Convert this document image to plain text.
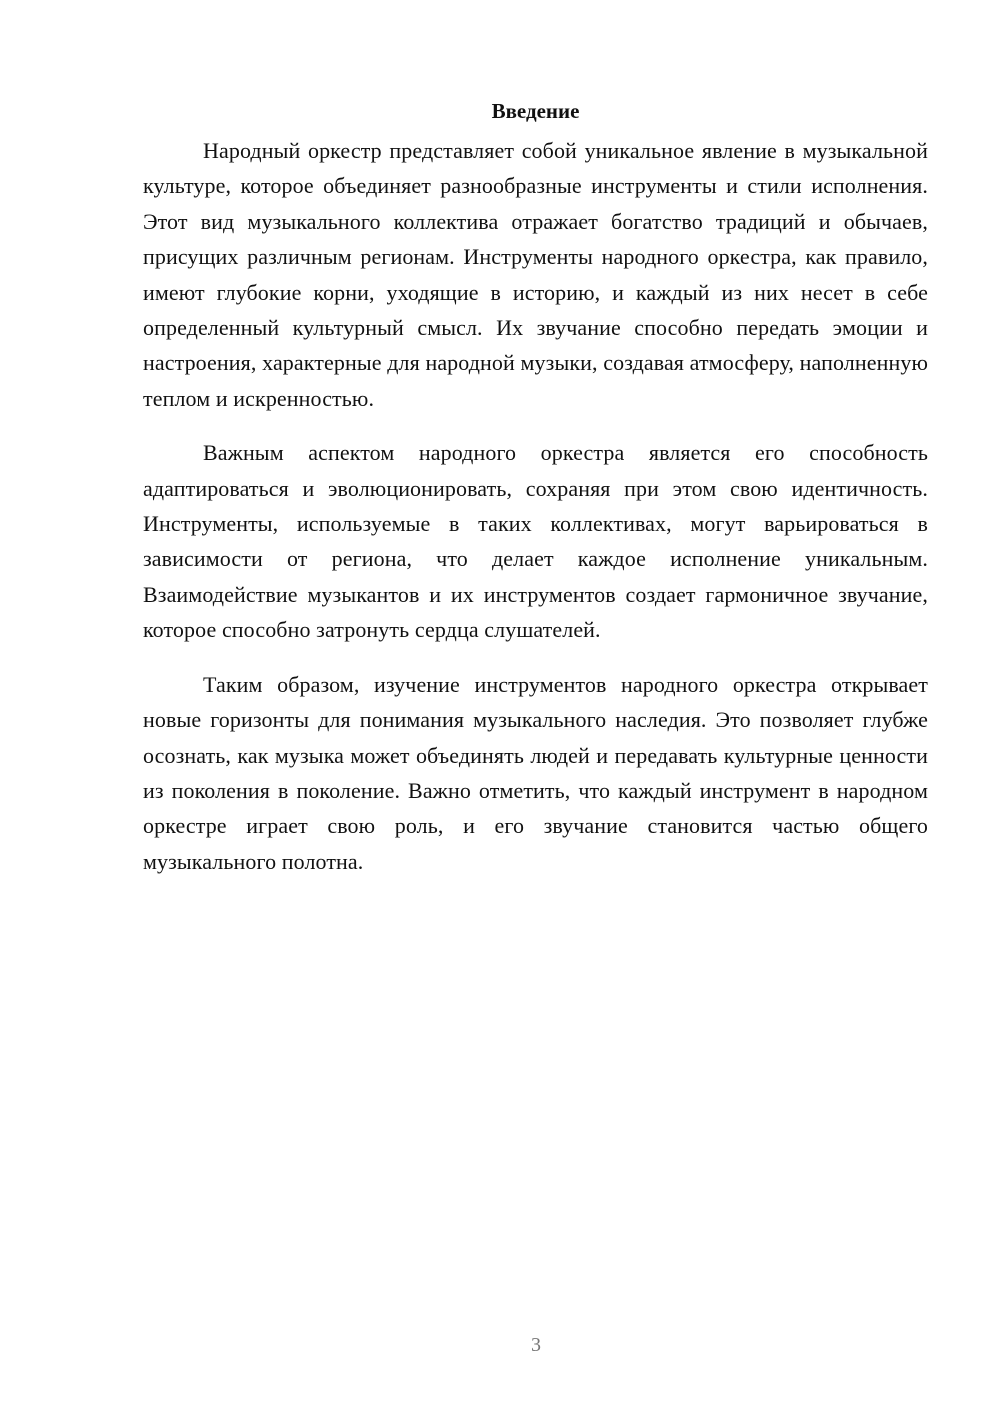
Введение

Народный оркестр представляет собой уникальное явление в музыкальной культуре, которое объединяет разнообразные инструменты и стили исполнения. Этот вид музыкального коллектива отражает богатство традиций и обычаев, присущих различным регионам. Инструменты народного оркестра, как правило, имеют глубокие корни, уходящие в историю, и каждый из них несет в себе определенный культурный смысл. Их звучание способно передать эмоции и настроения, характерные для народной музыки, создавая атмосферу, наполненную теплом и искренностью.

Важным аспектом народного оркестра является его способность адаптироваться и эволюционировать, сохраняя при этом свою идентичность. Инструменты, используемые в таких коллективах, могут варьироваться в зависимости от региона, что делает каждое исполнение уникальным. Взаимодействие музыкантов и их инструментов создает гармоничное звучание, которое способно затронуть сердца слушателей.

Таким образом, изучение инструментов народного оркестра открывает новые горизонты для понимания музыкального наследия. Это позволяет глубже осознать, как музыка может объединять людей и передавать культурные ценности из поколения в поколение. Важно отметить, что каждый инструмент в народном оркестре играет свою роль, и его звучание становится частью общего музыкального полотна.

3
